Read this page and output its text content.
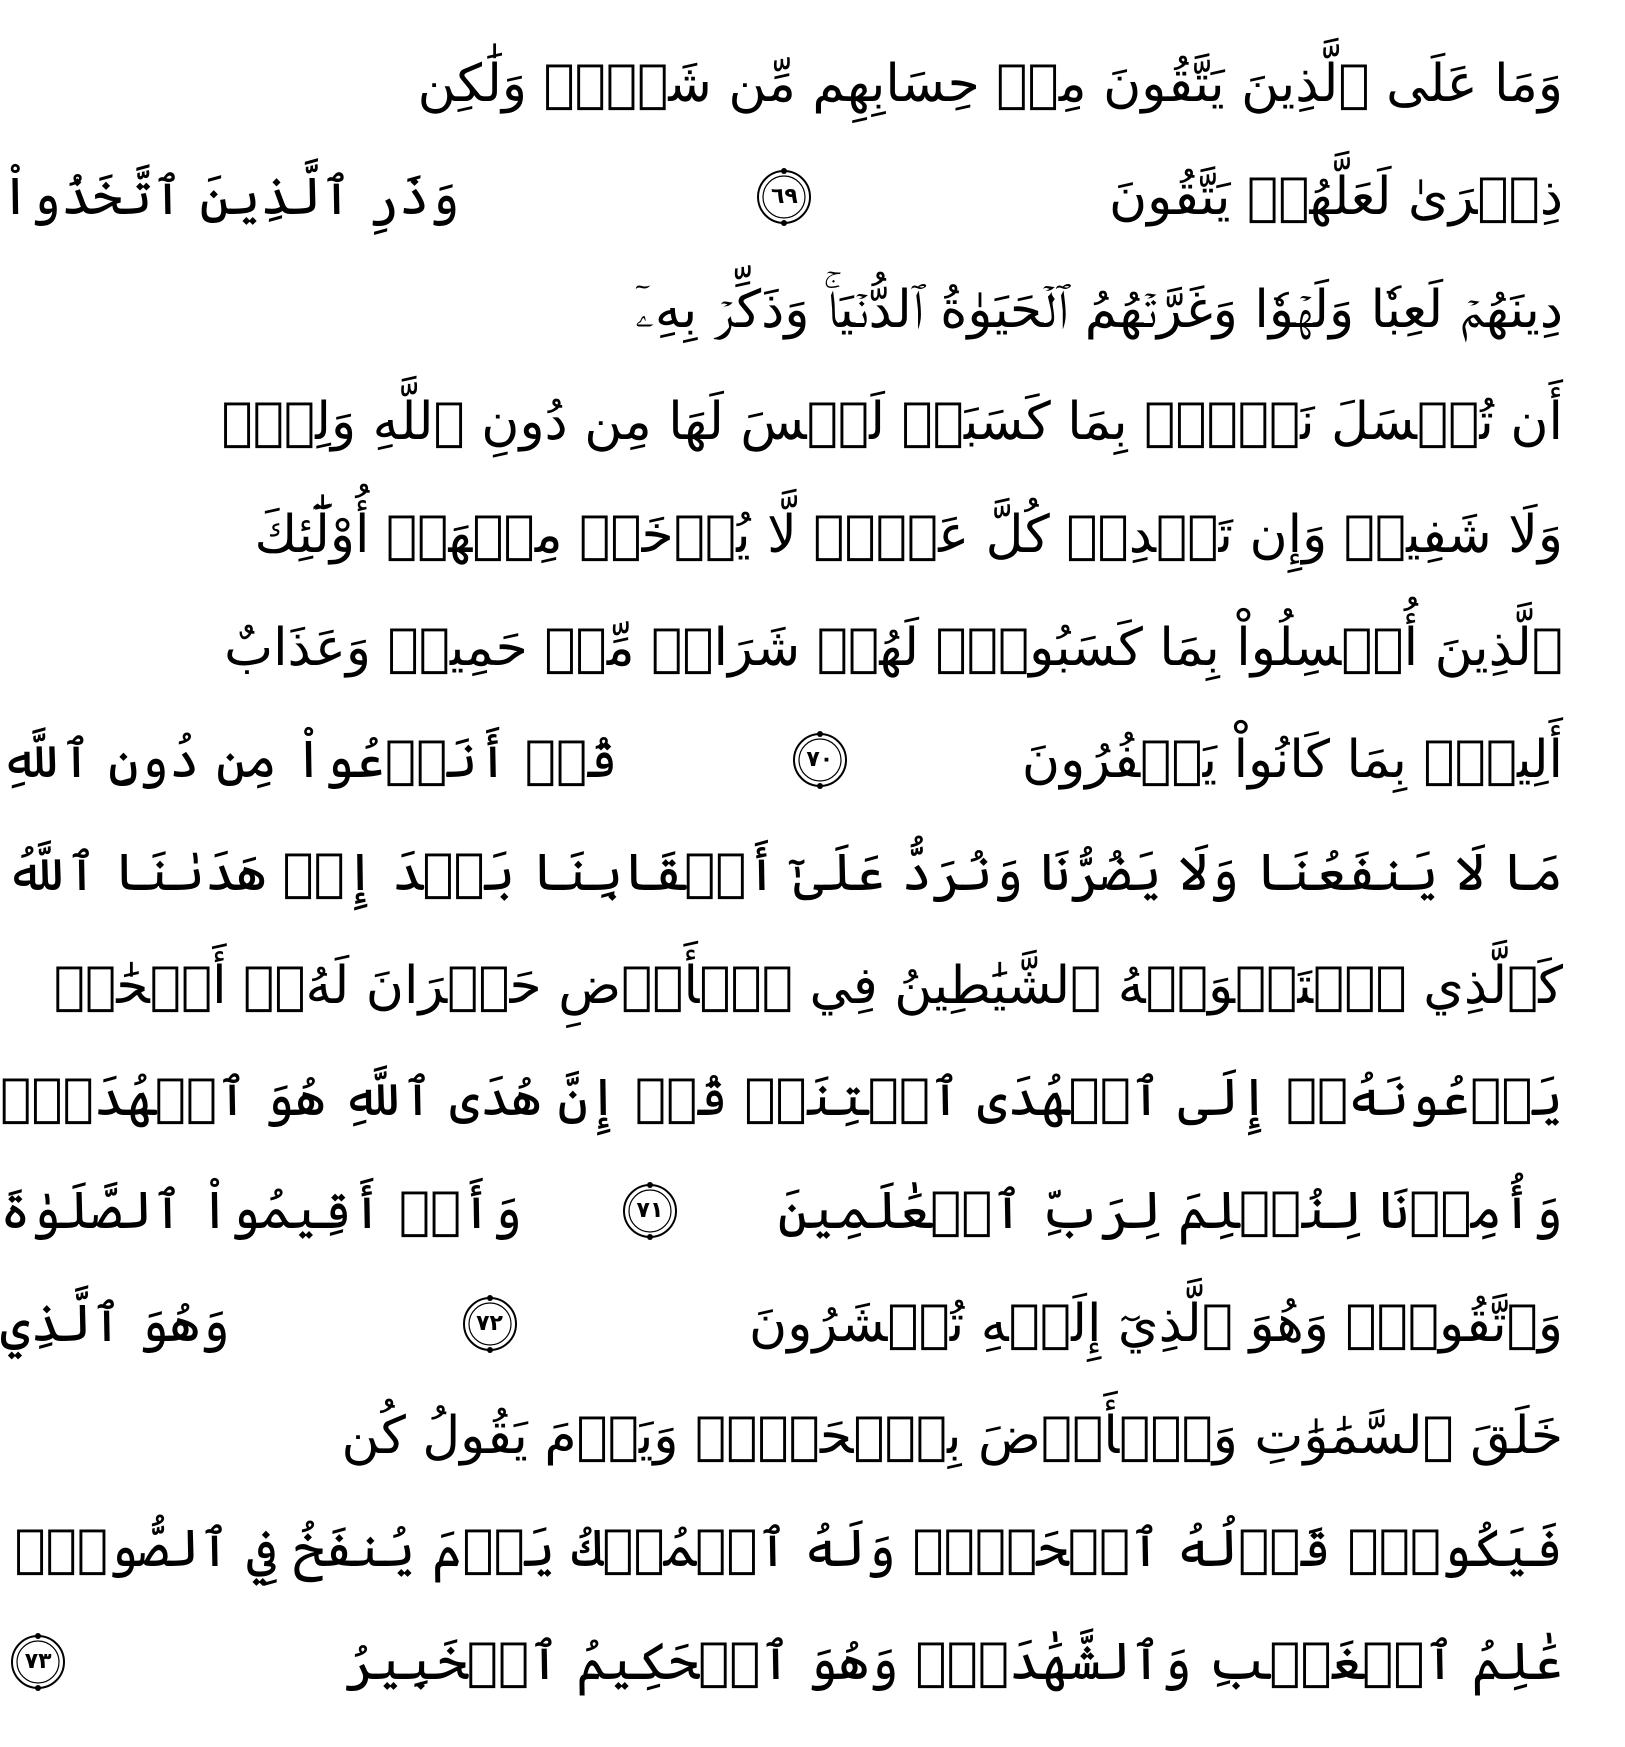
وَمَا عَلَى ٱلَّذِينَ يَتَّقُونَ مِنۡ حِسَابِهِم مِّن شَيۡءٖ وَلَٰكِن
ذِكۡرَىٰ لَعَلَّهُمۡ يَتَّقُونَ
٦٩
وَذَرِ ٱلَّذِينَ ٱتَّخَذُواْ
دِينَهُمۡ لَعِبٗا وَلَهۡوٗا وَغَرَّتۡهُمُ ٱلۡحَيَوٰةُ ٱلدُّنۡيَاۚ وَذَكِّرۡ بِهِۦٓ
أَن تُبۡسَلَ نَفۡسُۢ بِمَا كَسَبَتۡ لَيۡسَ لَهَا مِن دُونِ ٱللَّهِ وَلِيّٞ
وَلَا شَفِيعٞ وَإِن تَعۡدِلۡ كُلَّ عَدۡلٖ لَّا يُؤۡخَذۡ مِنۡهَآۗ أُوْلَٰٓئِكَ
ٱلَّذِينَ أُبۡسِلُواْ بِمَا كَسَبُواْۖ لَهُمۡ شَرَابٞ مِّنۡ حَمِيمٖ وَعَذَابٌ
أَلِيمُۢ بِمَا كَانُواْ يَكۡفُرُونَ
٧٠
قُلۡ أَنَدۡعُواْ مِن دُونِ ٱللَّهِ
مَا لَا يَنفَعُنَا وَلَا يَضُرُّنَا وَنُرَدُّ عَلَىٰٓ أَعۡقَابِنَا بَعۡدَ إِذۡ هَدَىٰنَا ٱللَّهُ
كَٱلَّذِي ٱسۡتَهۡوَتۡهُ ٱلشَّيَٰطِينُ فِي ٱلۡأَرۡضِ حَيۡرَانَ لَهُۥٓ أَصۡحَٰبٞ
يَدۡعُونَهُۥٓ إِلَى ٱلۡهُدَى ٱئۡتِنَاۗ قُلۡ إِنَّ هُدَى ٱللَّهِ هُوَ ٱلۡهُدَىٰۖ
وَأُمِرۡنَا لِنُسۡلِمَ لِرَبِّ ٱلۡعَٰلَمِينَ
٧١
وَأَنۡ أَقِيمُواْ ٱلصَّلَوٰةَ
وَٱتَّقُوهُۚ وَهُوَ ٱلَّذِيٓ إِلَيۡهِ تُحۡشَرُونَ
٧٢
وَهُوَ ٱلَّذِي
خَلَقَ ٱلسَّمَٰوَٰتِ وَٱلۡأَرۡضَ بِٱلۡحَقِّۖ وَيَوۡمَ يَقُولُ كُن
فَيَكُونُۚ قَوۡلُهُ ٱلۡحَقُّۚ وَلَهُ ٱلۡمُلۡكُ يَوۡمَ يُنفَخُ فِي ٱلصُّورِۚ
عَٰلِمُ ٱلۡغَيۡبِ وَٱلشَّهَٰدَةِۚ وَهُوَ ٱلۡحَكِيمُ ٱلۡخَبِيرُ
٧٣
